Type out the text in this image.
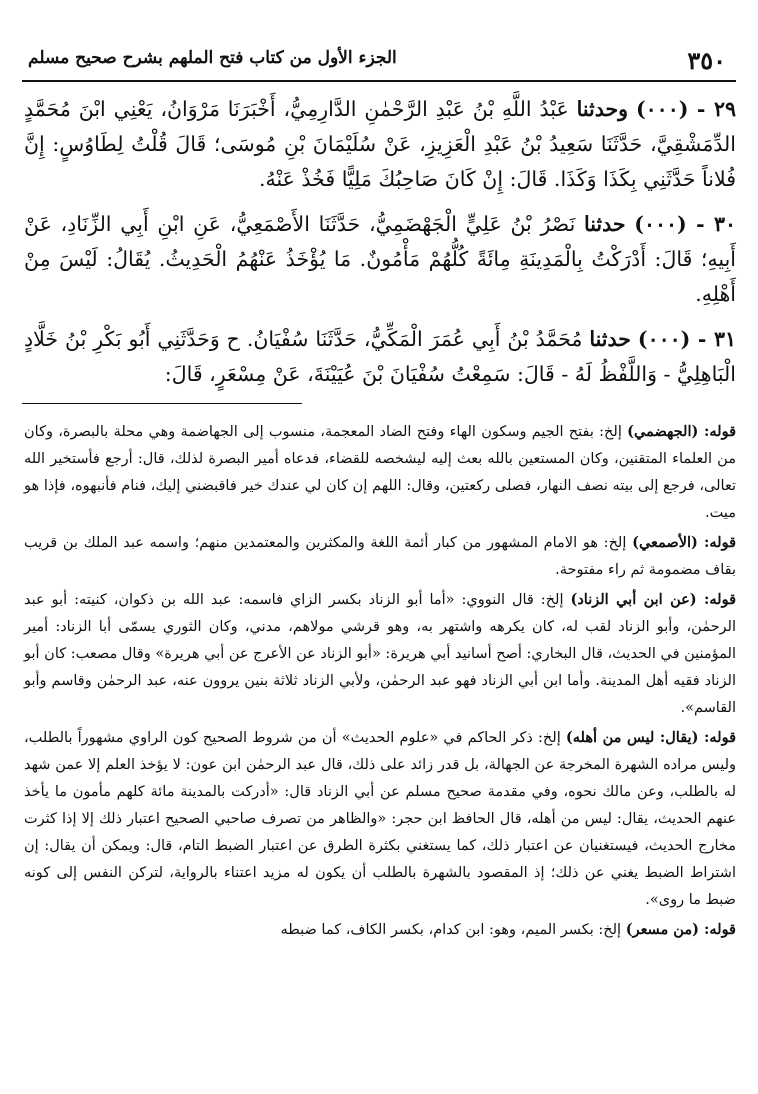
٣٥٠
الجزء الأول من كتاب فتح الملهم بشرح صحيح مسلم

٢٩ - (٠٠٠) وحدثنا عَبْدُ اللَّهِ بْنُ عَبْدِ الرَّحْمٰنِ الدَّارِمِيُّ، أَخْبَرَنَا مَرْوَانُ، يَعْنِي ابْنَ مُحَمَّدٍ الدِّمَشْقِيَّ، حَدَّثَنَا سَعِيدُ بْنُ عَبْدِ الْعَزِيزِ، عَنْ سُلَيْمَانَ بْنِ مُوسَى؛ قَالَ قُلْتُ لِطَاوُسٍ: إِنَّ فُلاناً حَدَّثَنِي بِكَذَا وَكَذَا. قَالَ: إِنْ كَانَ صَاحِبُكَ مَلِيًّا فَخُذْ عَنْهُ.

٣٠ - (٠٠٠) حدثنا نَصْرُ بْنُ عَلِيٍّ الْجَهْضَمِيُّ، حَدَّثَنَا الأَصْمَعِيُّ، عَنِ ابْنِ أَبِي الزِّنَادِ، عَنْ أَبِيهِ؛ قَالَ: أَدْرَكْتُ بِالْمَدِينَةِ مِائَةً كُلُّهُمْ مَأْمُونٌ. مَا يُؤْخَذُ عَنْهُمُ الْحَدِيثُ. يُقَالُ: لَيْسَ مِنْ أَهْلِهِ.

٣١ - (٠٠٠) حدثنا مُحَمَّدُ بْنُ أَبِي عُمَرَ الْمَكِّيُّ، حَدَّثَنَا سُفْيَانُ. ح وَحَدَّثَنِي أَبُو بَكْرِ بْنُ خَلَّادٍ الْبَاهِلِيُّ - وَاللَّفْظُ لَهُ - قَالَ: سَمِعْتُ سُفْيَانَ بْنَ عُيَيْنَةَ، عَنْ مِسْعَرٍ، قَالَ:

قوله: (الجهضمي) إلخ: بفتح الجيم وسكون الهاء وفتح الضاد المعجمة، منسوب إلى الجهاضمة وهي محلة بالبصرة، وكان من العلماء المتقنين، وكان المستعين بالله بعث إليه ليشخصه للقضاء، فدعاه أمير البصرة لذلك، قال: أرجع فأستخير الله تعالى، فرجع إلى بيته نصف النهار، فصلى ركعتين، وقال: اللهم إن كان لي عندك خير فاقبضني إليك، فنام فأنبهوه، فإذا هو ميت.

قوله: (الأصمعي) إلخ: هو الامام المشهور من كبار أئمة اللغة والمكثرين والمعتمدين منهم؛ واسمه عبد الملك بن قريب بقاف مضمومة ثم راء مفتوحة.

قوله: (عن ابن أبي الزناد) إلخ: قال النووي: «أما أبو الزناد بكسر الزاي فاسمه: عبد الله بن ذكوان، كنيته: أبو عبد الرحمٰن، وأبو الزناد لقب له، كان يكرهه واشتهر به، وهو قرشي مولاهم، مدني، وكان الثوري يسمّى أبا الزناد: أمير المؤمنين في الحديث، قال البخاري: أصح أسانيد أبي هريرة: «أبو الزناد عن الأعرج عن أبي هريرة» وقال مصعب: كان أبو الزناد فقيه أهل المدينة. وأما ابن أبي الزناد فهو عبد الرحمٰن، ولأبي الزناد ثلاثة بنين يروون عنه، عبد الرحمٰن وقاسم وأبو القاسم».

قوله: (يقال: ليس من أهله) إلخ: ذكر الحاكم في «علوم الحديث» أن من شروط الصحيح كون الراوي مشهوراً بالطلب، وليس مراده الشهرة المخرجة عن الجهالة، بل قدر زائد على ذلك، قال عبد الرحمٰن ابن عون: لا يؤخذ العلم إلا عمن شهد له بالطلب، وعن مالك نحوه، وفي مقدمة صحيح مسلم عن أبي الزناد قال: «أدركت بالمدينة مائة كلهم مأمون ما يأخذ عنهم الحديث، يقال: ليس من أهله، قال الحافظ ابن حجر: «والظاهر من تصرف صاحبي الصحيح اعتبار ذلك إلا إذا كثرت مخارج الحديث، فيستغنيان عن اعتبار ذلك، كما يستغني بكثرة الطرق عن اعتبار الضبط التام، قال: ويمكن أن يقال: إن اشتراط الضبط يغني عن ذلك؛ إذ المقصود بالشهرة بالطلب أن يكون له مزيد اعتناء بالرواية، لتركن النفس إلى كونه ضبط ما روى».

قوله: (من مسعر) إلخ: بكسر الميم، وهو: ابن كدام، بكسر الكاف، كما ضبطه
